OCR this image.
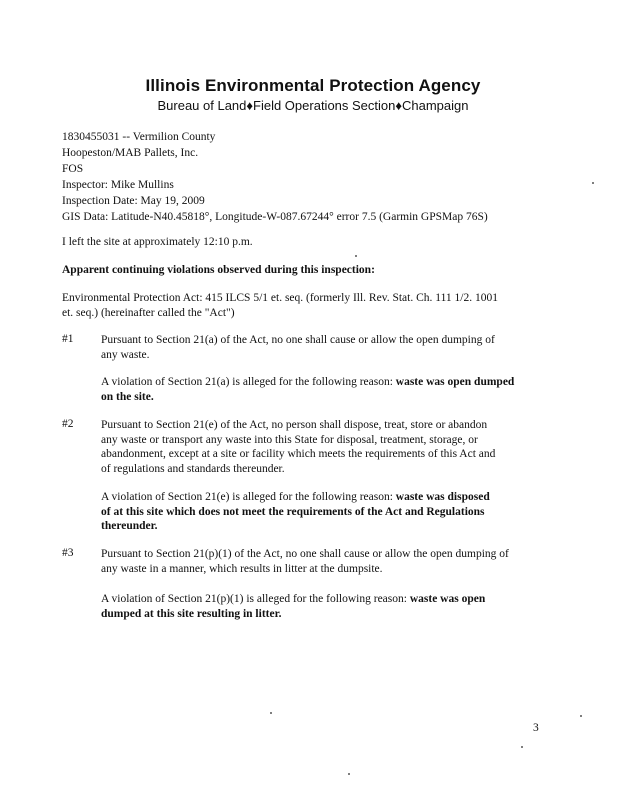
Illinois Environmental Protection Agency
Bureau of Land♦Field Operations Section♦Champaign
1830455031 -- Vermilion County
Hoopeston/MAB Pallets, Inc.
FOS
Inspector: Mike Mullins
Inspection Date: May 19, 2009
GIS Data: Latitude-N40.45818°, Longitude-W-087.67244° error 7.5 (Garmin GPSMap 76S)
I left the site at approximately 12:10 p.m.
Apparent continuing violations observed during this inspection:
Environmental Protection Act: 415 ILCS 5/1 et. seq. (formerly Ill. Rev. Stat. Ch. 111 1/2. 1001
et. seq.) (hereinafter called the "Act")
#1 Pursuant to Section 21(a) of the Act, no one shall cause or allow the open dumping of
any waste.
A violation of Section 21(a) is alleged for the following reason: waste was open dumped
on the site.
#2 Pursuant to Section 21(e) of the Act, no person shall dispose, treat, store or abandon
any waste or transport any waste into this State for disposal, treatment, storage, or
abandonment, except at a site or facility which meets the requirements of this Act and
of regulations and standards thereunder.
A violation of Section 21(e) is alleged for the following reason: waste was disposed
of at this site which does not meet the requirements of the Act and Regulations
thereunder.
#3 Pursuant to Section 21(p)(1) of the Act, no one shall cause or allow the open dumping of
any waste in a manner, which results in litter at the dumpsite.
A violation of Section 21(p)(1) is alleged for the following reason: waste was open
dumped at this site resulting in litter.
3
